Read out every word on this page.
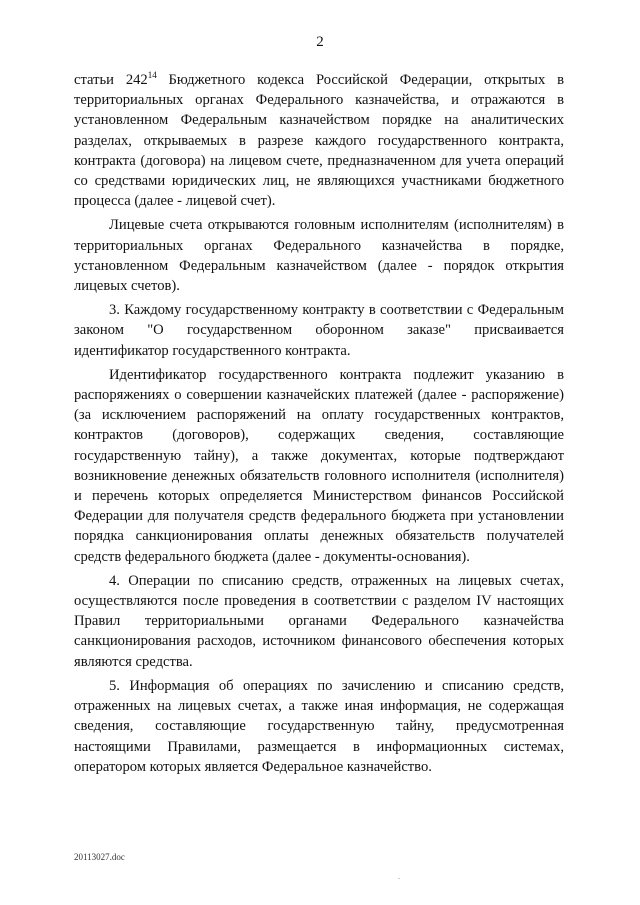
2

статьи $242^{14}$ Бюджетного кодекса Российской Федерации, открытых в территориальных органах Федерального казначейства, и отражаются в установленном Федеральным казначейством порядке на аналитических разделах, открываемых в разрезе каждого государственного контракта, контракта (договора) на лицевом счете, предназначенном для учета операций со средствами юридических лиц, не являющихся участниками бюджетного процесса (далее - лицевой счет).

Лицевые счета открываются головным исполнителям (исполнителям) в территориальных органах Федерального казначейства в порядке, установленном Федеральным казначейством (далее - порядок открытия лицевых счетов).

3. Каждому государственному контракту в соответствии с Федеральным законом "О государственном оборонном заказе" присваивается идентификатор государственного контракта.

Идентификатор государственного контракта подлежит указанию в распоряжениях о совершении казначейских платежей (далее - распоряжение) (за исключением распоряжений на оплату государственных контрактов, контрактов (договоров), содержащих сведения, составляющие государственную тайну), а также документах, которые подтверждают возникновение денежных обязательств головного исполнителя (исполнителя) и перечень которых определяется Министерством финансов Российской Федерации для получателя средств федерального бюджета при установлении порядка санкционирования оплаты денежных обязательств получателей средств федерального бюджета (далее - документы-основания).

4. Операции по списанию средств, отраженных на лицевых счетах, осуществляются после проведения в соответствии с разделом IV настоящих Правил территориальными органами Федерального казначейства санкционирования расходов, источником финансового обеспечения которых являются средства.

5. Информация об операциях по зачислению и списанию средств, отраженных на лицевых счетах, а также иная информация, не содержащая сведения, составляющие государственную тайну, предусмотренная настоящими Правилами, размещается в информационных системах, оператором которых является Федеральное казначейство.

20113027.doc
.
